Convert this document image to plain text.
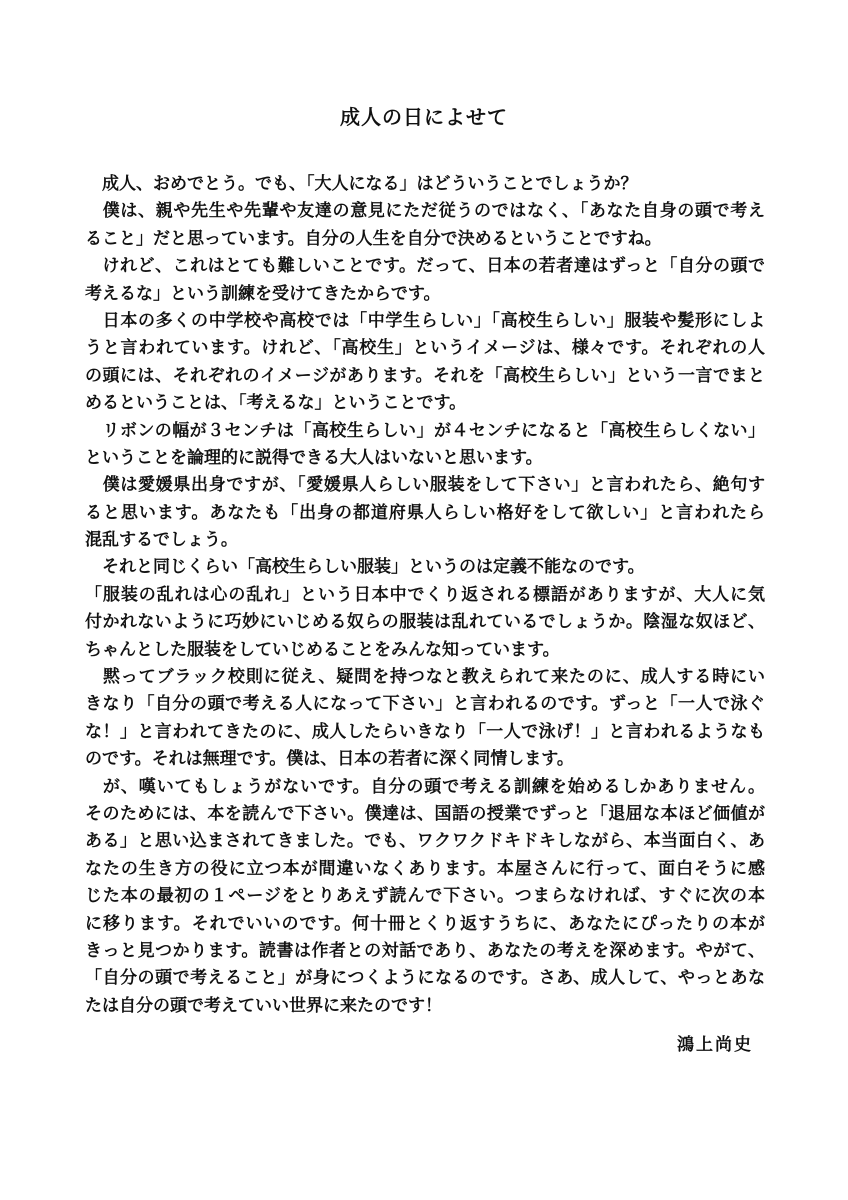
成人の日によせて
　成人、おめでとう。でも、「大人になる」はどういうことでしょうか？
　僕は、親や先生や先輩や友達の意見にただ従うのではなく、「あなた自身の頭で考え
ること」だと思っています。自分の人生を自分で決めるということですね。
　けれど、これはとても難しいことです。だって、日本の若者達はずっと「自分の頭で
考えるな」という訓練を受けてきたからです。
　日本の多くの中学校や高校では「中学生らしい」「高校生らしい」服装や髪形にしよ
うと言われています。けれど、「高校生」というイメージは、様々です。それぞれの人
の頭には、それぞれのイメージがあります。それを「高校生らしい」という一言でまと
めるということは、「考えるな」ということです。
　リボンの幅が３センチは「高校生らしい」が４センチになると「高校生らしくない」
ということを論理的に説得できる大人はいないと思います。
　僕は愛媛県出身ですが、「愛媛県人らしい服装をして下さい」と言われたら、絶句す
ると思います。あなたも「出身の都道府県人らしい格好をして欲しい」と言われたら
混乱するでしょう。
　それと同じくらい「高校生らしい服装」というのは定義不能なのです。
「服装の乱れは心の乱れ」という日本中でくり返される標語がありますが、大人に気
付かれないように巧妙にいじめる奴らの服装は乱れているでしょうか。陰湿な奴ほど、
ちゃんとした服装をしていじめることをみんな知っています。
　黙ってブラック校則に従え、疑問を持つなと教えられて来たのに、成人する時にい
きなり「自分の頭で考える人になって下さい」と言われるのです。ずっと「一人で泳ぐ
な！」と言われてきたのに、成人したらいきなり「一人で泳げ！」と言われるようなも
のです。それは無理です。僕は、日本の若者に深く同情します。
　が、嘆いてもしょうがないです。自分の頭で考える訓練を始めるしかありません。
そのためには、本を読んで下さい。僕達は、国語の授業でずっと「退屈な本ほど価値が
ある」と思い込まされてきました。でも、ワクワクドキドキしながら、本当面白く、あ
なたの生き方の役に立つ本が間違いなくあります。本屋さんに行って、面白そうに感
じた本の最初の１ページをとりあえず読んで下さい。つまらなければ、すぐに次の本
に移ります。それでいいのです。何十冊とくり返すうちに、あなたにぴったりの本が
きっと見つかります。読書は作者との対話であり、あなたの考えを深めます。やがて、
「自分の頭で考えること」が身につくようになるのです。さあ、成人して、やっとあな
たは自分の頭で考えていい世界に来たのです！
鴻上尚史
